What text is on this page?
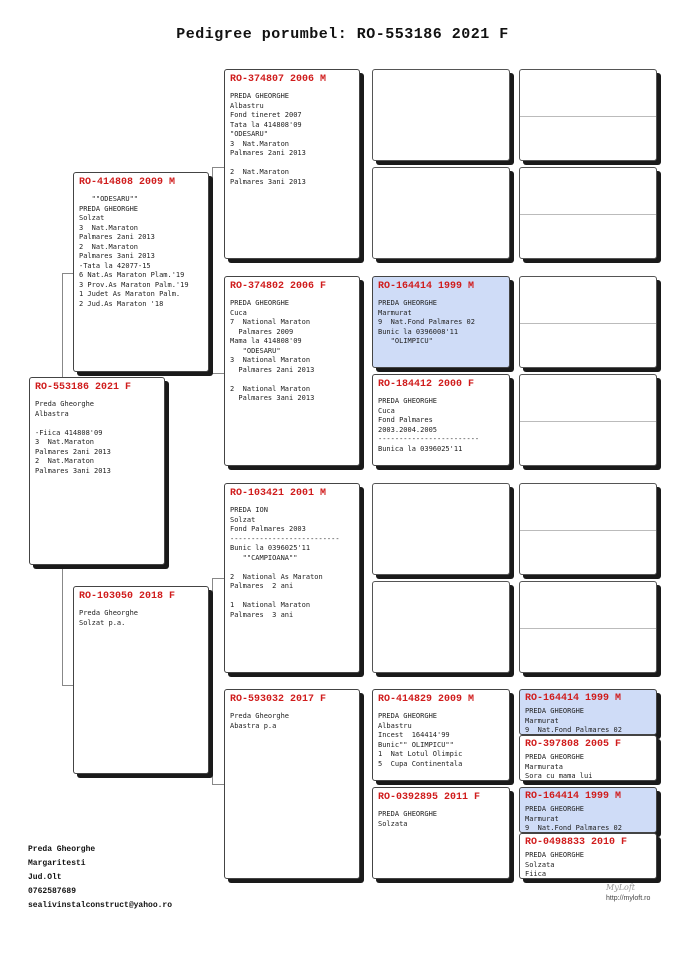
Pedigree porumbel: RO-553186 2021 F
RO-553186 2021 F
Preda Gheorghe
Albastra

-Fiica 414808'09
3  Nat.Maraton
Palmares 2ani 2013
2  Nat.Maraton
Palmares 3ani 2013
RO-414808 2009 M
""ODESARU""
PREDA GHEORGHE
Solzat
3  Nat.Maraton
Palmares 2ani 2013
2  Nat.Maraton
Palmares 3ani 2013
-Tata la 42077-15
6 Nat.As Maraton Plam.'19
3 Prov.As Maraton Palm.'19
1 Judet As Maraton Palm.
2 Jud.As Maraton '18
RO-103050 2018 F
Preda Gheorghe
Solzat p.a.
RO-374807 2006 M
PREDA GHEORGHE
Albastru
Fond tineret 2007
Tata la 414808'09
"ODESARU"
3  Nat.Maraton
Palmares 2ani 2013

2  Nat.Maraton
Palmares 3ani 2013
RO-374802 2006 F
PREDA GHEORGHE
Cuca
7  National Maraton
Palmares 2009
Mama la 414808'09
"ODESARU"
3  National Maraton
Palmares 2ani 2013

2  National Maraton
Palmares 3ani 2013
RO-103421 2001 M
PREDA ION
Solzat
Fond Palmares 2003
--------------------------
Bunic la 0396025'11
""CAMPIOANA""

2  National As Maraton
Palmares  2 ani

1  National Maraton
Palmares  3 ani
RO-593032 2017 F
Preda Gheorghe
Abastra p.a
RO-164414 1999 M
PREDA GHEORGHE
Marmurat
9  Nat.Fond Palmares 02
Bunic la 0396008'11
"OLIMPICU"
RO-184412 2000 F
PREDA GHEORGHE
Cuca
Fond Palmares
2003.2004.2005
------------------------
Bunica la 0396025'11
RO-414829 2009 M
PREDA GHEORGHE
Albastru
Incest  164414'99
Bunic"" OLIMPICU""
1  Nat Lotul Olimpic
5  Cupa Continentala
RO-0392895 2011 F
PREDA GHEORGHE
Solzata
RO-164414 1999 M
PREDA GHEORGHE
Marmurat
9  Nat.Fond Palmares 02
RO-397808 2005 F
PREDA GHEORGHE
Marmurata
Sora cu mama lui
RO-164414 1999 M
PREDA GHEORGHE
Marmurat
9  Nat.Fond Palmares 02
RO-0498833 2010 F
PREDA GHEORGHE
Solzata
Fiica
Preda Gheorghe
Margaritesti
Jud.Olt
0762587689
sealivinstalconstruct@yahoo.ro
MyLoft
http://myloft.ro
